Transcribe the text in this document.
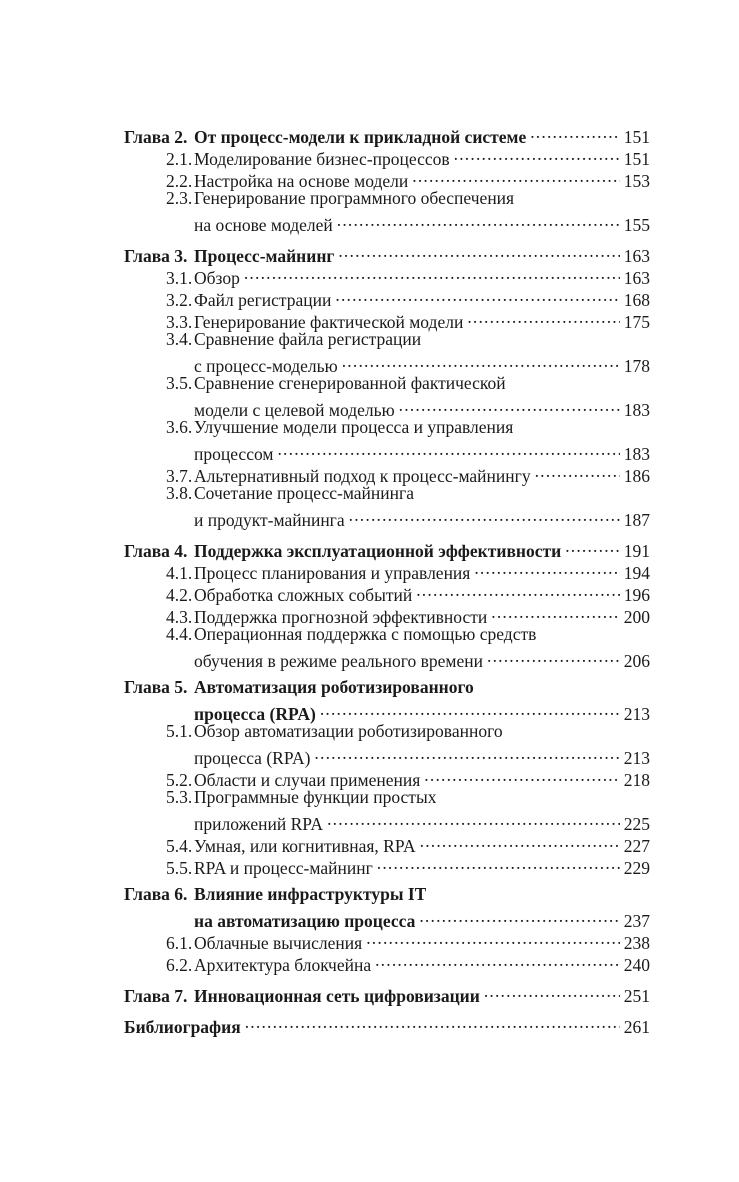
Глава 2. От процесс-модели к прикладной системе .....	151
2.1. Моделирование бизнес-процессов .....	151
2.2. Настройка на основе модели .....	153
2.3. Генерирование программного обеспечения
на основе моделей .....	155
Глава 3. Процесс-майнинг .....	163
3.1. Обзор .....	163
3.2. Файл регистрации .....	168
3.3. Генерирование фактической модели .....	175
3.4. Сравнение файла регистрации
с процесс-моделью .....	178
3.5. Сравнение сгенерированной фактической
модели с целевой моделью .....	183
3.6. Улучшение модели процесса и управления
процессом .....	183
3.7. Альтернативный подход к процесс-майнингу .....	186
3.8. Сочетание процесс-майнинга
и продукт-майнинга .....	187
Глава 4. Поддержка эксплуатационной эффективности .....	191
4.1. Процесс планирования и управления .....	194
4.2. Обработка сложных событий .....	196
4.3. Поддержка прогнозной эффективности .....	200
4.4. Операционная поддержка с помощью средств
обучения в режиме реального времени .....	206
Глава 5. Автоматизация роботизированного
процесса (RPA) .....	213
5.1. Обзор автоматизации роботизированного
процесса (RPA) .....	213
5.2. Области и случаи применения .....	218
5.3. Программные функции простых
приложений RPA .....	225
5.4. Умная, или когнитивная, RPA .....	227
5.5. RPA и процесс-майнинг .....	229
Глава 6. Влияние инфраструктуры IT
на автоматизацию процесса .....	237
6.1. Облачные вычисления .....	238
6.2. Архитектура блокчейна .....	240
Глава 7. Инновационная сеть цифровизации .....	251
Библиография .....	261
